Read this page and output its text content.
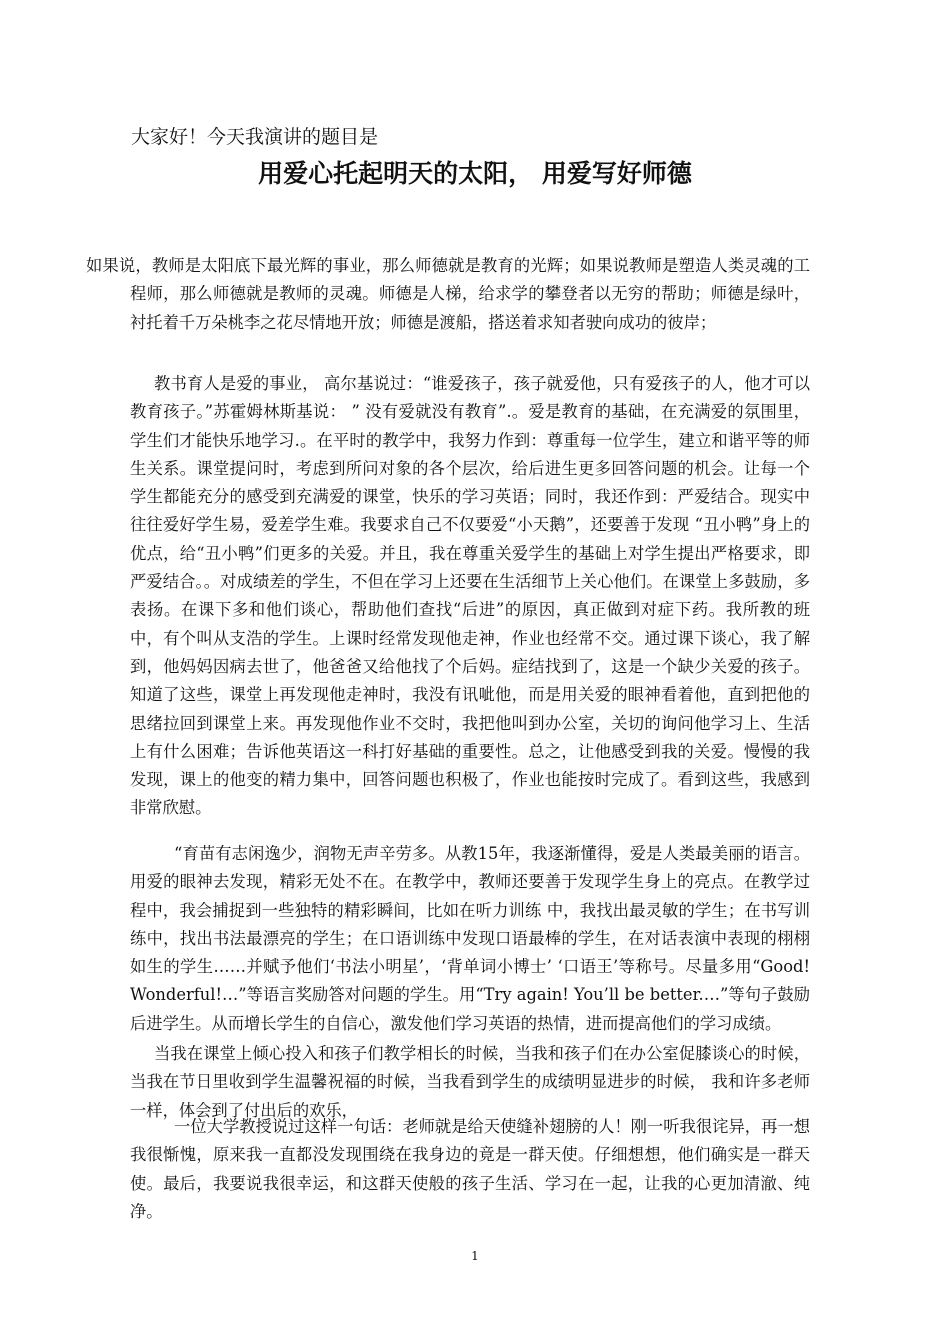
大家好！今天我演讲的题目是

用爱心托起明天的太阳， 用爱写好师德

如果说，教师是太阳底下最光辉的事业，那么师德就是教育的光辉；如果说教师是塑造人类灵魂的工程师，那么师德就是教师的灵魂。师德是人梯，给求学的攀登者以无穷的帮助；师德是绿叶，衬托着千万朵桃李之花尽情地开放；师德是渡船，搭送着求知者驶向成功的彼岸；

教书育人是爱的事业， 高尔基说过：“谁爱孩子，孩子就爱他，只有爱孩子的人，他才可以教育孩子。”苏霍姆林斯基说： ” 没有爱就没有教育”.。爱是教育的基础，在充满爱的氛围里，学生们才能快乐地学习.。在平时的教学中，我努力作到：尊重每一位学生，建立和谐平等的师生关系。课堂提问时，考虑到所问对象的各个层次，给后进生更多回答问题的机会。让每一个学生都能充分的感受到充满爱的课堂，快乐的学习英语；同时，我还作到：严爱结合。现实中往往爱好学生易，爱差学生难。我要求自己不仅要爱“小天鹅”，还要善于发现 “丑小鸭”身上的优点，给“丑小鸭”们更多的关爱。并且，我在尊重关爱学生的基础上对学生提出严格要求，即严爱结合。。对成绩差的学生，不但在学习上还要在生活细节上关心他们。在课堂上多鼓励，多表扬。在课下多和他们谈心，帮助他们查找“后进”的原因，真正做到对症下药。我所教的班中，有个叫从支浩的学生。上课时经常发现他走神，作业也经常不交。通过课下谈心，我了解到，他妈妈因病去世了，他爸爸又给他找了个后妈。症结找到了，这是一个缺少关爱的孩子。知道了这些，课堂上再发现他走神时，我没有讯呲他，而是用关爱的眼神看着他，直到把他的思绪拉回到课堂上来。再发现他作业不交时，我把他叫到办公室，关切的询问他学习上、生活上有什么困难；告诉他英语这一科打好基础的重要性。总之，让他感受到我的关爱。慢慢的我发现，课上的他变的精力集中，回答问题也积极了，作业也能按时完成了。看到这些，我感到非常欣慰。

“育苗有志闲逸少，润物无声辛劳多。从教15年，我逐渐懂得，爱是人类最美丽的语言。用爱的眼神去发现，精彩无处不在。在教学中，教师还要善于发现学生身上的亮点。在教学过程中，我会捕捉到一些独特的精彩瞬间，比如在听力训练 中，我找出最灵敏的学生；在书写训练中，找出书法最漂亮的学生；在口语训练中发现口语最棒的学生，在对话表演中表现的栩栩如生的学生……并赋予他们‘书法小明星’，‘背单词小博士’ ‘口语王’等称号。尽量多用“Good! Wonderful!…”等语言奖励答对问题的学生。用“Try again! You’ll be better.…”等句子鼓励后进学生。从而增长学生的自信心，激发他们学习英语的热情，进而提高他们的学习成绩。

当我在课堂上倾心投入和孩子们教学相长的时候，当我和孩子们在办公室促膝谈心的时候，当我在节日里收到学生温馨祝福的时候，当我看到学生的成绩明显进步的时候， 我和许多老师一样，体会到了付出后的欢乐，

一位大学教授说过这样一句话：老师就是给天使缝补翅膀的人！刚一听我很诧异，再一想我很惭愧，原来我一直都没发现围绕在我身边的竟是一群天使。仔细想想，他们确实是一群天使。最后，我要说我很幸运，和这群天使般的孩子生活、学习在一起，让我的心更加清澈、纯净。

1
